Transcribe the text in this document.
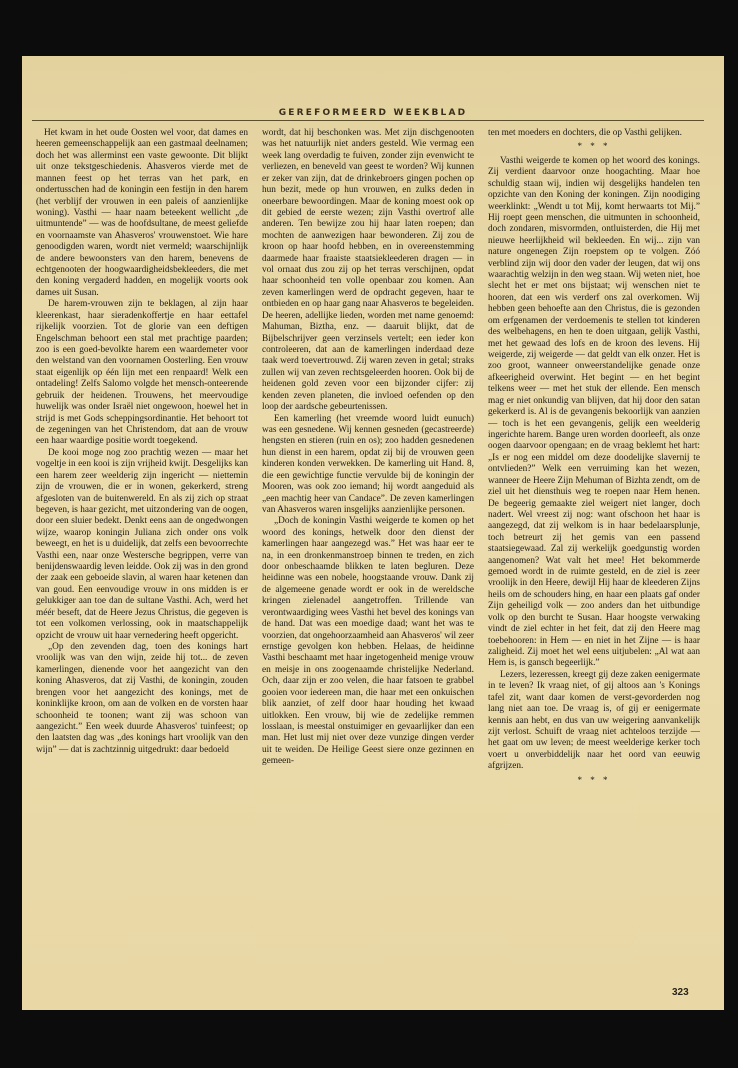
GEREFORMEERD WEEKBLAD

Het kwam in het oude Oosten wel voor, dat dames en heeren gemeenschappelijk aan een gastmaal deelnamen; doch het was allerminst een vaste gewoonte. Dit blijkt uit onze tekstgeschiedenis. Ahasveros vierde met de mannen feest op het terras van het park, en ondertusschen had de koningin een festijn in den harem (het verblijf der vrouwen in een paleis of aanzienlijke woning). Vasthi — haar naam beteekent wellicht „de uitmuntende” — was de hoofdsultane, de meest geliefde en voornaamste van Ahasveros' vrouwenstoet. Wie hare genoodigden waren, wordt niet vermeld; waarschijnlijk de andere bewoonsters van den harem, benevens de echtgenooten der hoogwaardigheidsbekleeders, die met den koning vergaderd hadden, en mogelijk voorts ook dames uit Susan.

De harem-vrouwen zijn te beklagen, al zijn haar kleerenkast, haar sieradenkoffertje en haar eettafel rijkelijk voorzien. Tot de glorie van een deftigen Engelschman behoort een stal met prachtige paarden; zoo is een goed-bevolkte harem een waardemeter voor den welstand van den voornamen Oosterling. Een vrouw staat eigenlijk op één lijn met een renpaard! Welk een ontadeling! Zelfs Salomo volgde het mensch-onteerende gebruik der heidenen. Trouwens, het meervoudige huwelijk was onder Israël niet ongewoon, hoewel het in strijd is met Gods scheppingsordinantie. Het behoort tot de zegeningen van het Christendom, dat aan de vrouw een haar waardige positie wordt toegekend.

De kooi moge nog zoo prachtig wezen — maar het vogeltje in een kooi is zijn vrijheid kwijt. Desgelijks kan een harem zeer weelderig zijn ingericht — niettemin zijn de vrouwen, die er in wonen, gekerkerd, streng afgesloten van de buitenwereld. En als zij zich op straat begeven, is haar gezicht, met uitzondering van de oogen, door een sluier bedekt. Denkt eens aan de ongedwongen wijze, waarop koningin Juliana zich onder ons volk beweegt, en het is u duidelijk, dat zelfs een bevoorrechte Vasthi een, naar onze Westersche begrippen, verre van benijdenswaardig leven leidde. Ook zij was in den grond der zaak een geboeide slavin, al waren haar ketenen dan van goud. Een eenvoudige vrouw in ons midden is er gelukkiger aan toe dan de sultane Vasthi. Ach, werd het méér beseft, dat de Heere Jezus Christus, die gegeven is tot een volkomen verlossing, ook in maatschappelijk opzicht de vrouw uit haar vernedering heeft opgericht.

„Op den zevenden dag, toen des konings hart vroolijk was van den wijn, zeide hij tot... de zeven kamerlingen, dienende voor het aangezicht van den koning Ahasveros, dat zij Vasthi, de koningin, zouden brengen voor het aangezicht des konings, met de koninklijke kroon, om aan de volken en de vorsten haar schoonheid te toonen; want zij was schoon van aangezicht.” Een week duurde Ahasveros' tuinfeest; op den laatsten dag was „des konings hart vroolijk van den wijn” — dat is zachtzinnig uitgedrukt: daar bedoeld

wordt, dat hij beschonken was. Met zijn dischgenooten was het natuurlijk niet anders gesteld. Wie vermag een week lang overdadig te fuiven, zonder zijn evenwicht te verliezen, en beneveld van geest te worden? Wij kunnen er zeker van zijn, dat de drinkebroers gingen pochen op hun bezit, mede op hun vrouwen, en zulks deden in oneerbare bewoordingen. Maar de koning moest ook op dit gebied de eerste wezen; zijn Vasthi overtrof alle anderen. Ten bewijze zou hij haar laten roepen; dan mochten de aanwezigen haar bewonderen. Zij zou de kroon op haar hoofd hebben, en in overeenstemming daarmede haar fraaiste staatsiekleederen dragen — in vol ornaat dus zou zij op het terras verschijnen, opdat haar schoonheid ten volle openbaar zou komen. Aan zeven kamerlingen werd de opdracht gegeven, haar te ontbieden en op haar gang naar Ahasveros te begeleiden. De heeren, adellijke lieden, worden met name genoemd: Mahuman, Biztha, enz. — daaruit blijkt, dat de Bijbelschrijver geen verzinsels vertelt; een ieder kon controleeren, dat aan de kamerlingen inderdaad deze taak werd toevertrouwd. Zij waren zeven in getal; straks zullen wij van zeven rechtsgeleerden hooren. Ook bij de heidenen gold zeven voor een bijzonder cijfer: zij kenden zeven planeten, die invloed oefenden op den loop der aardsche gebeurtenissen.

Een kamerling (het vreemde woord luidt eunuch) was een gesnedene. Wij kennen gesneden (gecastreerde) hengsten en stieren (ruin en os); zoo hadden gesnedenen hun dienst in een harem, opdat zij bij de vrouwen geen kinderen konden verwekken. De kamerling uit Hand. 8, die een gewichtige functie vervulde bij de koningin der Mooren, was ook zoo iemand; hij wordt aangeduid als „een machtig heer van Candace”. De zeven kamerlingen van Ahasveros waren insgelijks aanzienlijke personen.

„Doch de koningin Vasthi weigerde te komen op het woord des konings, hetwelk door den dienst der kamerlingen haar aangezegd was.” Het was haar eer te na, in een dronkenmanstroep binnen te treden, en zich door onbeschaamde blikken te laten begluren. Deze heidinne was een nobele, hoogstaande vrouw. Dank zij de algemeene genade wordt er ook in de wereldsche kringen zielenadel aangetroffen. Trillende van verontwaardiging wees Vasthi het bevel des konings van de hand. Dat was een moedige daad; want het was te voorzien, dat ongehoorzaamheid aan Ahasveros' wil zeer ernstige gevolgen kon hebben. Helaas, de heidinne Vasthi beschaamt met haar ingetogenheid menige vrouw en meisje in ons zoogenaamde christelijke Nederland. Och, daar zijn er zoo velen, die haar fatsoen te grabbel gooien voor iedereen man, die haar met een onkuischen blik aanziet, of zelf door haar houding het kwaad uitlokken. Een vrouw, bij wie de zedelijke remmen losslaan, is meestal onstuimiger en gevaarlijker dan een man. Het lust mij niet over deze vunzige dingen verder uit te weiden. De Heilige Geest siere onze gezinnen en gemeen-

ten met moeders en dochters, die op Vasthi gelijken.

* * *

Vasthi weigerde te komen op het woord des konings. Zij verdient daarvoor onze hoogachting. Maar hoe schuldig staan wij, indien wij desgelijks handelen ten opzichte van den Koning der koningen. Zijn noodiging weerklinkt: „Wendt u tot Mij, komt herwaarts tot Mij.” Hij roept geen menschen, die uitmunten in schoonheid, doch zondaren, misvormden, ontluisterden, die Hij met nieuwe heerlijkheid wil bekleeden. En wij... zijn van nature ongenegen Zijn roepstem op te volgen. Zóó verblind zijn wij door den vader der leugen, dat wij ons waarachtig welzijn in den weg staan. Wij weten niet, hoe slecht het er met ons bijstaat; wij wenschen niet te hooren, dat een wis verderf ons zal overkomen. Wij hebben geen behoefte aan den Christus, die is gezonden om erfgenamen der verdoemenis te stellen tot kinderen des welbehagens, en hen te doen uitgaan, gelijk Vasthi, met het gewaad des lofs en de kroon des levens. Hij weigerde, zij weigerde — dat geldt van elk onzer. Het is zoo groot, wanneer onweerstandelijke genade onze afkeerigheid overwint. Het begint — en het begint telkens weer — met het stuk der ellende. Een mensch mag er niet onkundig van blijven, dat hij door den satan gekerkerd is. Al is de gevangenis bekoorlijk van aanzien — toch is het een gevangenis, gelijk een weelderig ingerichte harem. Bange uren worden doorleeft, als onze oogen daarvoor opengaan; en de vraag beklemt het hart: „Is er nog een middel om deze doodelijke slavernij te ontvlieden?” Welk een verruiming kan het wezen, wanneer de Heere Zijn Mehuman of Bizhta zendt, om de ziel uit het diensthuis weg te roepen naar Hem henen. De begeerig gemaakte ziel weigert niet langer, doch nadert. Wel vreest zij nog: want ofschoon het haar is aangezegd, dat zij welkom is in haar bedelaarsplunje, toch betreurt zij het gemis van een passend staatsiegewaad. Zal zij werkelijk goedgunstig worden aangenomen? Wat valt het mee! Het bekommerde gemoed wordt in de ruimte gesteld, en de ziel is zeer vroolijk in den Heere, dewijl Hij haar de kleederen Zijns heils om de schouders hing, en haar een plaats gaf onder Zijn geheiligd volk — zoo anders dan het uitbundige volk op den burcht te Susan. Haar hoogste verwaking vindt de ziel echter in het feit, dat zij den Heere mag toebehooren: in Hem — en niet in het Zijne — is haar zaligheid. Zij moet het wel eens uitjubelen: „Al wat aan Hem is, is gansch begeerlijk.”

Lezers, lezeressen, kreegt gij deze zaken eenigermate in te leven? Ik vraag niet, of gij altoos aan 's Konings tafel zit, want daar komen de verst-gevorderden nog lang niet aan toe. De vraag is, of gij er eenigermate kennis aan hebt, en dus van uw weigering aanvankelijk zijt verlost. Schuift de vraag niet achteloos terzijde — het gaat om uw leven; de meest weelderige kerker toch voert u onverbiddelijk naar het oord van eeuwig afgrijzen.

* * *
323
